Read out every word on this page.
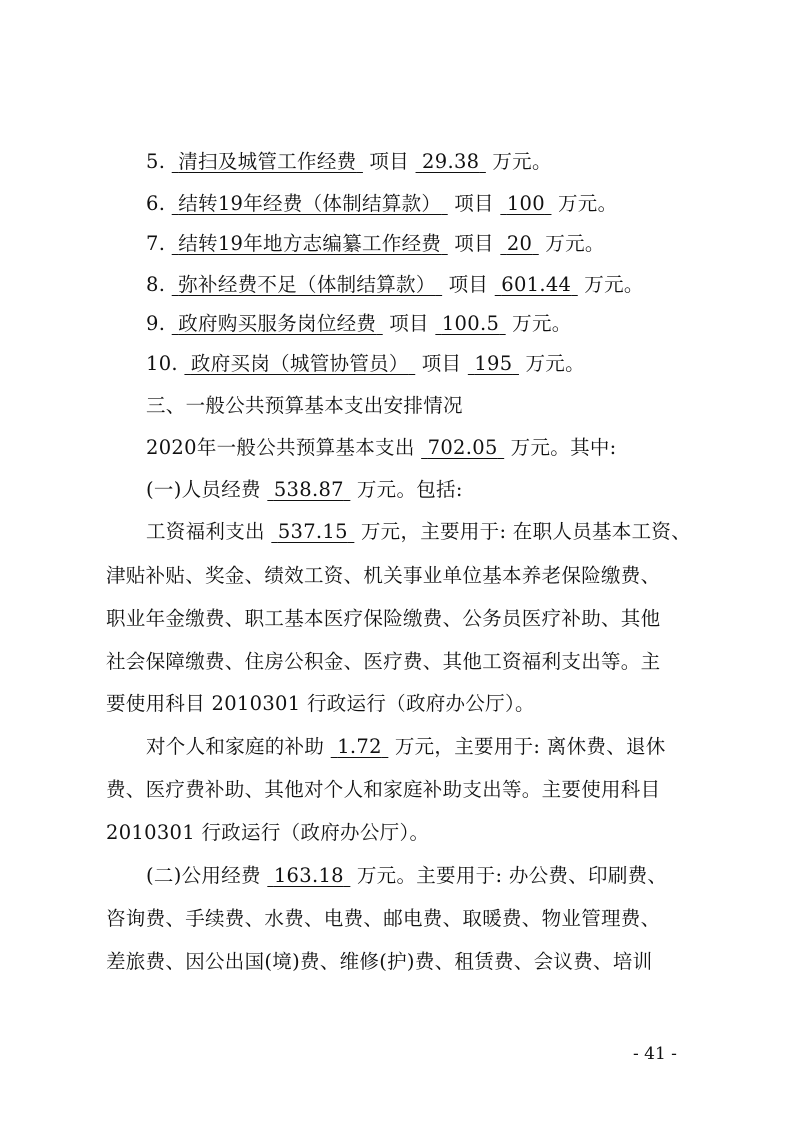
5. 清扫及城管工作经费 项目 29.38 万元。
6. 结转19年经费（体制结算款） 项目 100 万元。
7. 结转19年地方志编纂工作经费 项目 20 万元。
8. 弥补经费不足（体制结算款） 项目 601.44 万元。
9. 政府购买服务岗位经费 项目 100.5 万元。
10. 政府买岗（城管协管员） 项目 195 万元。
三、一般公共预算基本支出安排情况
2020年一般公共预算基本支出 702.05 万元。其中:
(一)人员经费 538.87 万元。包括:
工资福利支出 537.15 万元，主要用于: 在职人员基本工资、
津贴补贴、奖金、绩效工资、机关事业单位基本养老保险缴费、
职业年金缴费、职工基本医疗保险缴费、公务员医疗补助、其他
社会保障缴费、住房公积金、医疗费、其他工资福利支出等。主
要使用科目 2010301 行政运行（政府办公厅）。
对个人和家庭的补助 1.72 万元，主要用于: 离休费、退休
费、医疗费补助、其他对个人和家庭补助支出等。主要使用科目
2010301 行政运行（政府办公厅）。
(二)公用经费 163.18 万元。主要用于: 办公费、印刷费、
咨询费、手续费、水费、电费、邮电费、取暖费、物业管理费、
差旅费、因公出国(境)费、维修(护)费、租赁费、会议费、培训
- 41 -
